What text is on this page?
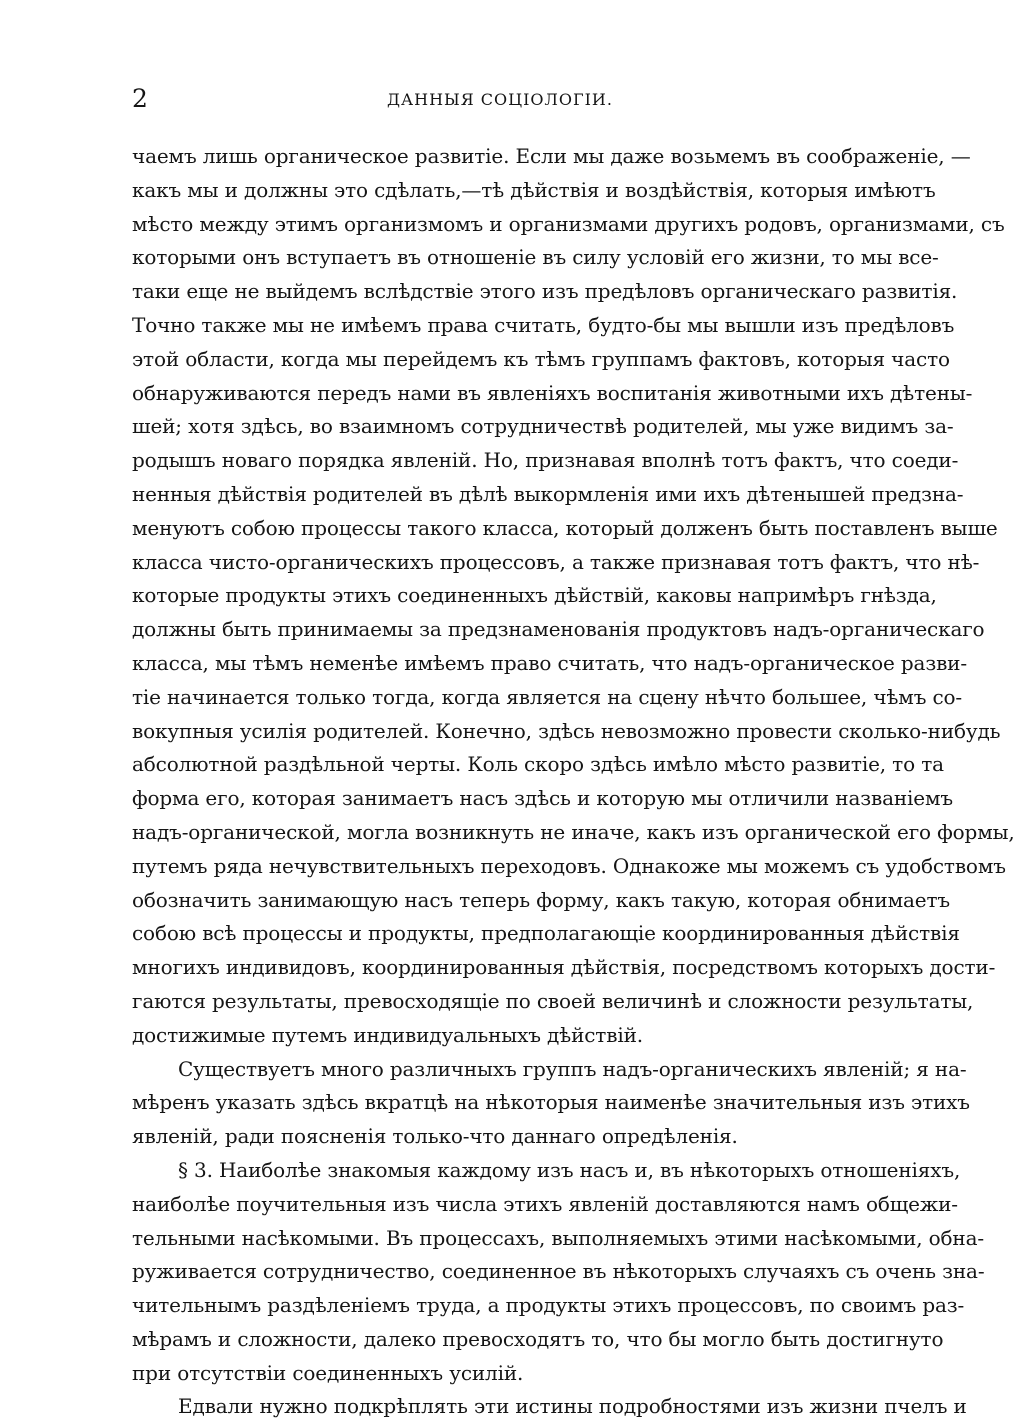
2	ДАННЫЯ СОЦІОЛОГІИ.
чаемъ лишь органическое развитіе. Если мы даже возьмемъ въ соображеніе, —
какъ мы и должны это сдѣлать,—тѣ дѣйствія и воздѣйствія, которыя имѣютъ
мѣсто между этимъ организмомъ и организмами другихъ родовъ, организмами, съ
которыми онъ вступаетъ въ отношеніе въ силу условій его жизни, то мы все-
таки еще не выйдемъ вслѣдствіе этого изъ предѣловъ органическаго развитія.
Точно также мы не имѣемъ права считать, будто-бы мы вышли изъ предѣловъ
этой области, когда мы перейдемъ къ тѣмъ группамъ фактовъ, которыя часто
обнаруживаются передъ нами въ явленіяхъ воспитанія животными ихъ дѣтены-
шей; хотя здѣсь, во взаимномъ сотрудничествѣ родителей, мы уже видимъ за-
родышъ новаго порядка явленій. Но, признавая вполнѣ тотъ фактъ, что соеди-
ненныя дѣйствія родителей въ дѣлѣ выкормленія ими ихъ дѣтенышей предзна-
менуютъ собою процессы такого класса, который долженъ быть поставленъ выше
класса чисто-органическихъ процессовъ, а также признавая тотъ фактъ, что нѣ-
которые продукты этихъ соединенныхъ дѣйствій, каковы напримѣръ гнѣзда,
должны быть принимаемы за предзнаменованія продуктовъ надъ-органическаго
класса, мы тѣмъ неменѣе имѣемъ право считать, что надъ-органическое разви-
тіе начинается только тогда, когда является на сцену нѣчто большее, чѣмъ со-
вокупныя усилія родителей. Конечно, здѣсь невозможно провести сколько-нибудь
абсолютной раздѣльной черты. Коль скоро здѣсь имѣло мѣсто развитіе, то та
форма его, которая занимаетъ насъ здѣсь и которую мы отличили названіемъ
надъ-органической, могла возникнуть не иначе, какъ изъ органической его формы,
путемъ ряда нечувствительныхъ переходовъ. Однакоже мы можемъ съ удобствомъ
обозначить занимающую насъ теперь форму, какъ такую, которая обнимаетъ
собою всѣ процессы и продукты, предполагающіе координированныя дѣйствія
многихъ индивидовъ, координированныя дѣйствія, посредствомъ которыхъ дости-
гаются результаты, превосходящіе по своей величинѣ и сложности результаты,
достижимые путемъ индивидуальныхъ дѣйствій.
Существуетъ много различныхъ группъ надъ-органическихъ явленій; я на-
мѣренъ указать здѣсь вкратцѣ на нѣкоторыя наименѣе значительныя изъ этихъ
явленій, ради поясненія только-что даннаго опредѣленія.
§ 3. Наиболѣе знакомыя каждому изъ насъ и, въ нѣкоторыхъ отношеніяхъ,
наиболѣе поучительныя изъ числа этихъ явленій доставляются намъ общежи-
тельными насѣкомыми. Въ процессахъ, выполняемыхъ этими насѣкомыми, обна-
руживается сотрудничество, соединенное въ нѣкоторыхъ случаяхъ съ очень зна-
чительнымъ раздѣленіемъ труда, а продукты этихъ процессовъ, по своимъ раз-
мѣрамъ и сложности, далеко превосходятъ то, что бы могло быть достигнуто
при отсутствіи соединенныхъ усилій.
Едвали нужно подкрѣплять эти истины подробностями изъ жизни пчелъ и
